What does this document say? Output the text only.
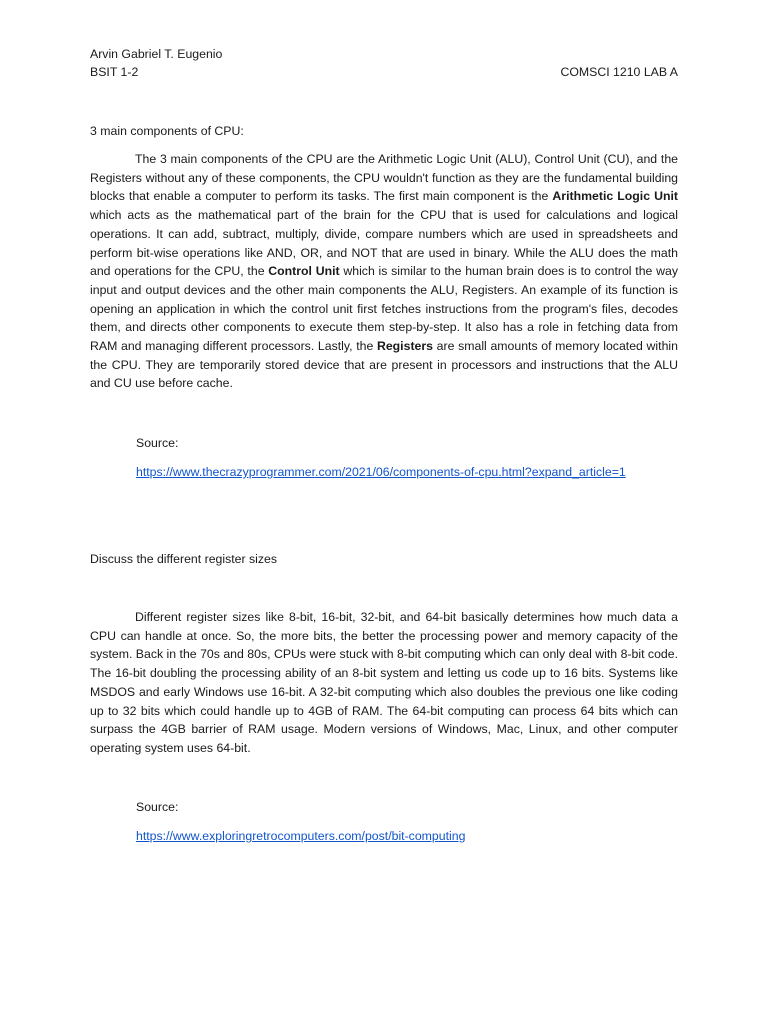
Arvin Gabriel T. Eugenio
BSIT 1-2	COMSCI 1210 LAB A
3 main components of CPU:
The 3 main components of the CPU are the Arithmetic Logic Unit (ALU), Control Unit (CU), and the Registers without any of these components, the CPU wouldn't function as they are the fundamental building blocks that enable a computer to perform its tasks. The first main component is the Arithmetic Logic Unit which acts as the mathematical part of the brain for the CPU that is used for calculations and logical operations. It can add, subtract, multiply, divide, compare numbers which are used in spreadsheets and perform bit-wise operations like AND, OR, and NOT that are used in binary. While the ALU does the math and operations for the CPU, the Control Unit which is similar to the human brain does is to control the way input and output devices and the other main components the ALU, Registers. An example of its function is opening an application in which the control unit first fetches instructions from the program's files, decodes them, and directs other components to execute them step-by-step. It also has a role in fetching data from RAM and managing different processors. Lastly, the Registers are small amounts of memory located within the CPU. They are temporarily stored device that are present in processors and instructions that the ALU and CU use before cache.
Source:
https://www.thecrazyprogrammer.com/2021/06/components-of-cpu.html?expand_article=1
Discuss the different register sizes
Different register sizes like 8-bit, 16-bit, 32-bit, and 64-bit basically determines how much data a CPU can handle at once. So, the more bits, the better the processing power and memory capacity of the system. Back in the 70s and 80s, CPUs were stuck with 8-bit computing which can only deal with 8-bit code. The 16-bit doubling the processing ability of an 8-bit system and letting us code up to 16 bits. Systems like MSDOS and early Windows use 16-bit. A 32-bit computing which also doubles the previous one like coding up to 32 bits which could handle up to 4GB of RAM. The 64-bit computing can process 64 bits which can surpass the 4GB barrier of RAM usage. Modern versions of Windows, Mac, Linux, and other computer operating system uses 64-bit.
Source:
https://www.exploringretrocomputers.com/post/bit-computing
